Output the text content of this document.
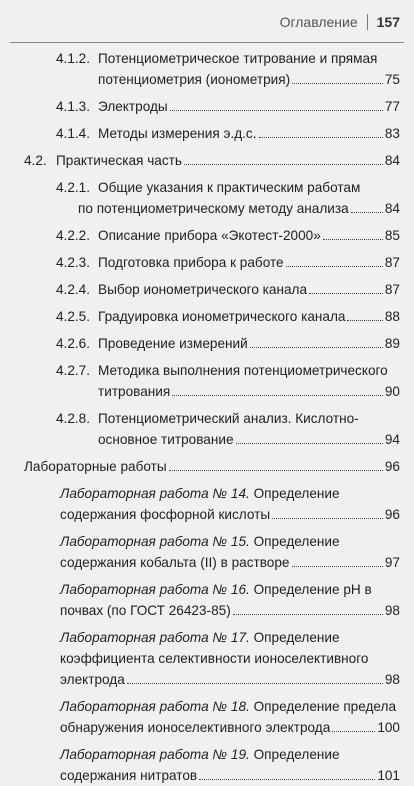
Оглавление 157
4.1.2. Потенциометрическое титрование и прямая
потенциометрия (ионометрия)	75
4.1.3. Электроды	77
4.1.4. Методы измерения э.д.с.	83
4.2. Практическая часть	84
4.2.1. Общие указания к практическим работам
по потенциометрическому методу анализа	84
4.2.2. Описание прибора «Экотест-2000»	85
4.2.3. Подготовка прибора к работе	87
4.2.4. Выбор ионометрического канала	87
4.2.5. Градуировка ионометрического канала	88
4.2.6. Проведение измерений	89
4.2.7. Методика выполнения потенциометрического
титрования	90
4.2.8. Потенциометрический анализ. Кислотно-
основное титрование	94
Лабораторные работы	96
Лабораторная работа № 14. Определение
содержания фосфорной кислоты	96
Лабораторная работа № 15. Определение
содержания кобальта (II) в растворе	97
Лабораторная работа № 16. Определение pH в
почвах (по ГОСТ 26423-85)	98
Лабораторная работа № 17. Определение
коэффициента селективности ионоселективного
электрода	98
Лабораторная работа № 18. Определение предела
обнаружения ионоселективного электрода	100
Лабораторная работа № 19. Определение
содержания нитратов	101
